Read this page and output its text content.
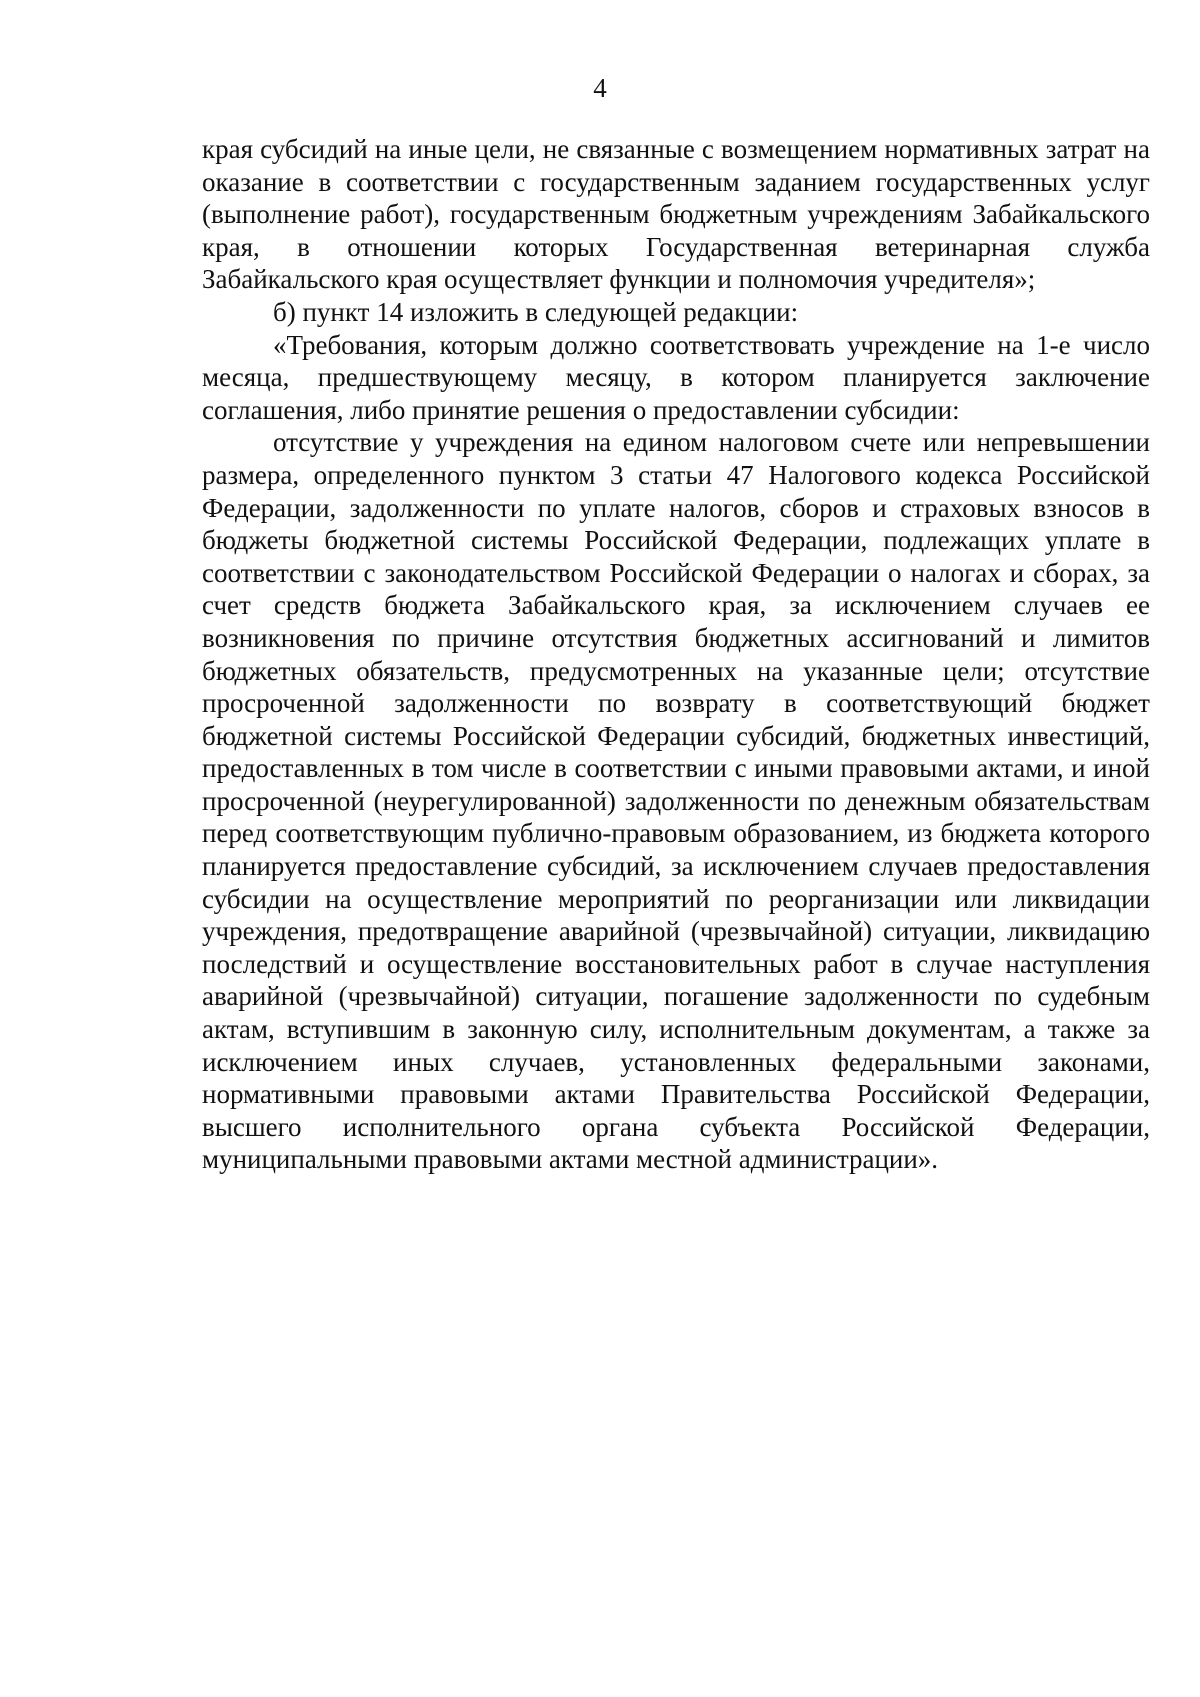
4

края субсидий на иные цели, не связанные с возмещением нормативных затрат на оказание в соответствии с государственным заданием государственных услуг (выполнение работ), государственным бюджетным учреждениям Забайкальского края, в отношении которых Государственная ветеринарная служба Забайкальского края осуществляет функции и полномочия учредителя»;

б) пункт 14 изложить в следующей редакции:

«Требования, которым должно соответствовать учреждение на 1-е число месяца, предшествующему месяцу, в котором планируется заключение соглашения, либо принятие решения о предоставлении субсидии:

отсутствие у учреждения на едином налоговом счете или непревышении размера, определенного пунктом 3 статьи 47 Налогового кодекса Российской Федерации, задолженности по уплате налогов, сборов и страховых взносов в бюджеты бюджетной системы Российской Федерации, подлежащих уплате в соответствии с законодательством Российской Федерации о налогах и сборах, за счет средств бюджета Забайкальского края, за исключением случаев ее возникновения по причине отсутствия бюджетных ассигнований и лимитов бюджетных обязательств, предусмотренных на указанные цели; отсутствие просроченной задолженности по возврату в соответствующий бюджет бюджетной системы Российской Федерации субсидий, бюджетных инвестиций, предоставленных в том числе в соответствии с иными правовыми актами, и иной просроченной (неурегулированной) задолженности по денежным обязательствам перед соответствующим публично-правовым образованием, из бюджета которого планируется предоставление субсидий, за исключением случаев предоставления субсидии на осуществление мероприятий по реорганизации или ликвидации учреждения, предотвращение аварийной (чрезвычайной) ситуации, ликвидацию последствий и осуществление восстановительных работ в случае наступления аварийной (чрезвычайной) ситуации, погашение задолженности по судебным актам, вступившим в законную силу, исполнительным документам, а также за исключением иных случаев, установленных федеральными законами, нормативными правовыми актами Правительства Российской Федерации, высшего исполнительного органа субъекта Российской Федерации, муниципальными правовыми актами местной администрации».
